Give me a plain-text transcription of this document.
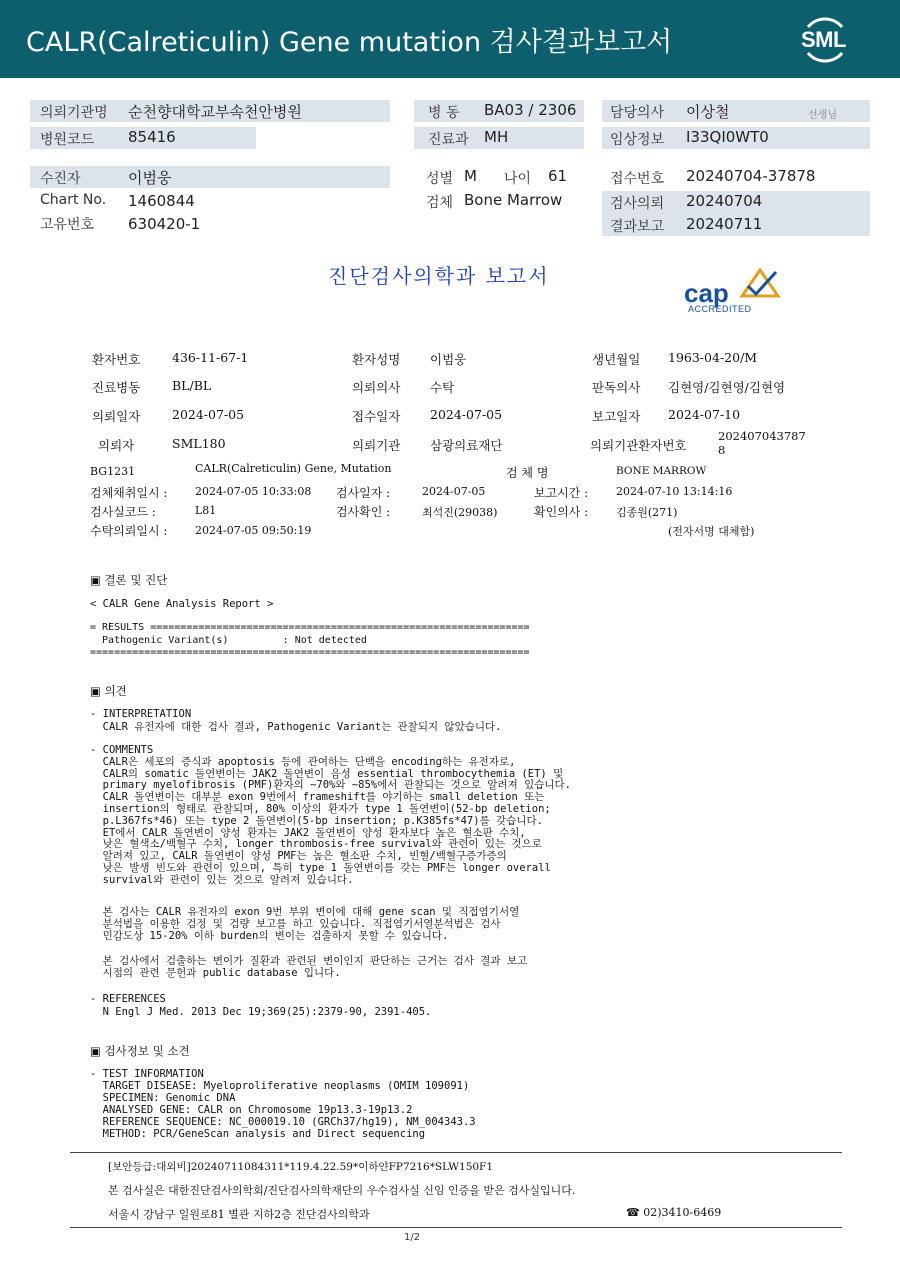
CALR(Calreticulin) Gene mutation 검사결과보고서	SML
의뢰기관명 순천향대학교부속천안병원	병 동 BA03 / 2306 담당의사 이상철	선생님
병원코드 85416	진료과 MH	임상정보 I33QI0WT0
수진자	이범웅	성별 M 나이 61	접수번호 20240704-37878
Chart No. 1460844	검체 Bone Marrow	검사의뢰 20240704
고유번호 630420-1	결과보고 20240711
진단검사의학과 보고서
cap
ACCREDITED
환자번호	436-11-67-1	환자성명 이범웅	생년월일 1963-04-20/M
진료병동	BL/BL	의뢰의사 수탁	판독의사 김현영/김현영/김현영
의뢰일자	2024-07-05	접수일자 2024-07-05	보고일자 2024-07-10
의뢰자	SML180	의뢰기관 삼광의료재단	의뢰기관환자번호
202407043787
8
BG1231	CALR(Calreticulin) Gene, Mutation	검 체 명	BONE MARROW
검체채취일시 :	2024-07-05 10:33:08 검사일자 :	2024-07-05	보고시간 :	2024-07-10 13:14:16
검사실코드 :	L81	검사확인 :	최석진(29038)	확인의사 :	김종원(271)
수탁의뢰일시 :	2024-07-05 09:50:19	(전자서명 대체함)
▣ 결론 및 진단
< CALR Gene Analysis Report >
= RESULTS ===============================================================
Pathogenic Variant(s)         : Not detected
=========================================================================
▣ 의견
- INTERPRETATION
CALR 유전자에 대한 검사 결과, Pathogenic Variant는 관찰되지 않았습니다.
- COMMENTS
CALR은 세포의 증식과 apoptosis 등에 관여하는 단백을 encoding하는 유전자로,
CALR의 somatic 돌연변이는 JAK2 돌연변이 음성 essential thrombocythemia (ET) 및
primary myelofibrosis (PMF)환자의 ~70%와 ~85%에서 관찰되는 것으로 알려져 있습니다.
CALR 돌연변이는 대부분 exon 9번에서 frameshift를 야기하는 small deletion 또는
insertion의 형태로 관찰되며, 80% 이상의 환자가 type 1 돌연변이(52-bp deletion;
p.L367fs*46) 또는 type 2 돌연변이(5-bp insertion; p.K385fs*47)를 갖습니다.
ET에서 CALR 돌연변이 양성 환자는 JAK2 돌연변이 양성 환자보다 높은 혈소판 수치,
낮은 혈색소/백혈구 수치, longer thrombosis-free survival와 관련이 있는 것으로
알려져 있고, CALR 돌연변이 양성 PMF는 높은 혈소판 수치, 빈혈/백혈구증가증의
낮은 발생 빈도와 관련이 있으며, 특히 type 1 돌연변이를 갖는 PMF는 longer overall
survival와 관련이 있는 것으로 알려져 있습니다.
본 검사는 CALR 유전자의 exon 9번 부위 변이에 대해 gene scan 및 직접염기서열
분석법을 이용한 검정 및 검량 보고를 하고 있습니다. 직접염기서열분석법은 검사
민감도상 15-20% 이하 burden의 변이는 검출하지 못할 수 있습니다.
본 검사에서 검출하는 변이가 질환과 관련된 변이인지 판단하는 근거는 검사 결과 보고
시점의 관련 문헌과 public database 입니다.
- REFERENCES
N Engl J Med. 2013 Dec 19;369(25):2379-90, 2391-405.
▣ 검사정보 및 소견
- TEST INFORMATION
TARGET DISEASE: Myeloproliferative neoplasms (OMIM 109091)
SPECIMEN: Genomic DNA
ANALYSED GENE: CALR on Chromosome 19p13.3-19p13.2
REFERENCE SEQUENCE: NC_000019.10 (GRCh37/hg19), NM_004343.3
METHOD: PCR/GeneScan analysis and Direct sequencing
[보안등급:대외비]20240711084311*119.4.22.59*이하얀FP7216*SLW150F1
본 검사실은 대한진단검사의학회/진단검사의학재단의 우수검사실 신임 인증을 받은 검사실입니다.
서울시 강남구 일원로81 별관 지하2층 진단검사의학과	☎ 02)3410-6469
1/2
